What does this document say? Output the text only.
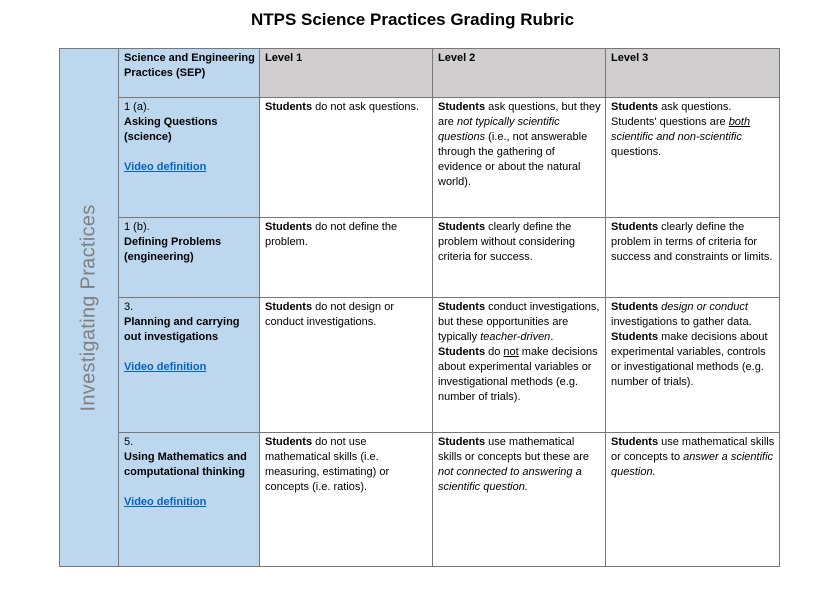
NTPS Science Practices Grading Rubric
Investigating Practices
Science and Engineering Practices (SEP)	Level 1	Level 2	Level 3

1 (a).
Asking Questions (science)
Video definition	Students do not ask questions.	Students ask questions, but they are not typically scientific questions (i.e., not answerable through the gathering of evidence or about the natural world).	Students ask questions. Students' questions are both scientific and non-scientific questions.

1 (b).
Defining Problems (engineering)	Students do not define the problem.	Students clearly define the problem without considering criteria for success.	Students clearly define the problem in terms of criteria for success and constraints or limits.

3.
Planning and carrying out investigations
Video definition	Students do not design or conduct investigations.	Students conduct investigations, but these opportunities are typically teacher-driven. Students do not make decisions about experimental variables or investigational methods (e.g. number of trials).	Students design or conduct investigations to gather data. Students make decisions about experimental variables, controls or investigational methods (e.g. number of trials).

5.
Using Mathematics and computational thinking
Video definition	Students do not use mathematical skills (i.e. measuring, estimating) or concepts (i.e. ratios).	Students use mathematical skills or concepts but these are not connected to answering a scientific question.	Students use mathematical skills or concepts to answer a scientific question.
